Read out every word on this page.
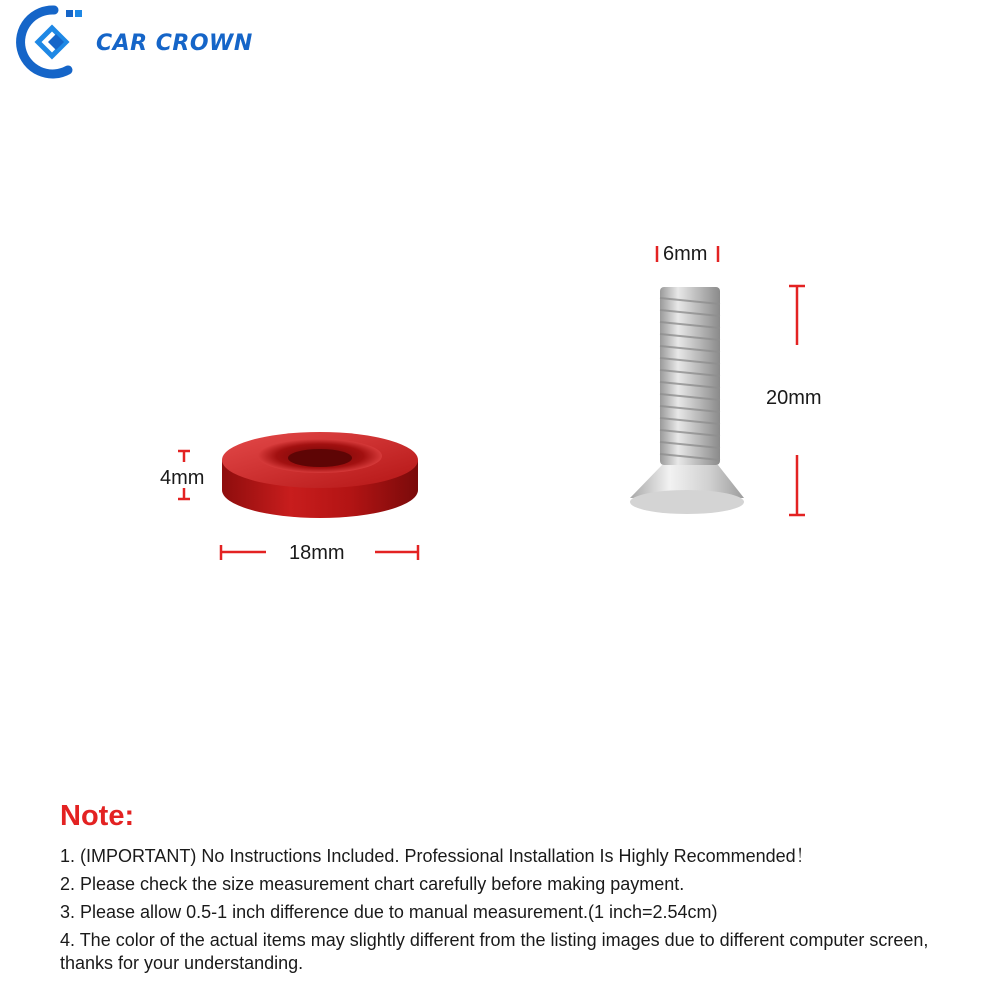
CAR CROWN
4mm
18mm
6mm
20mm
Note:
1. (IMPORTANT) No Instructions Included. Professional Installation Is Highly Recommended！
2. Please check the size measurement chart carefully before making payment.
3. Please allow 0.5-1 inch difference due to manual measurement.(1 inch=2.54cm)
4. The color of the actual items may slightly different from the listing images due to different computer screen, thanks for your understanding.
